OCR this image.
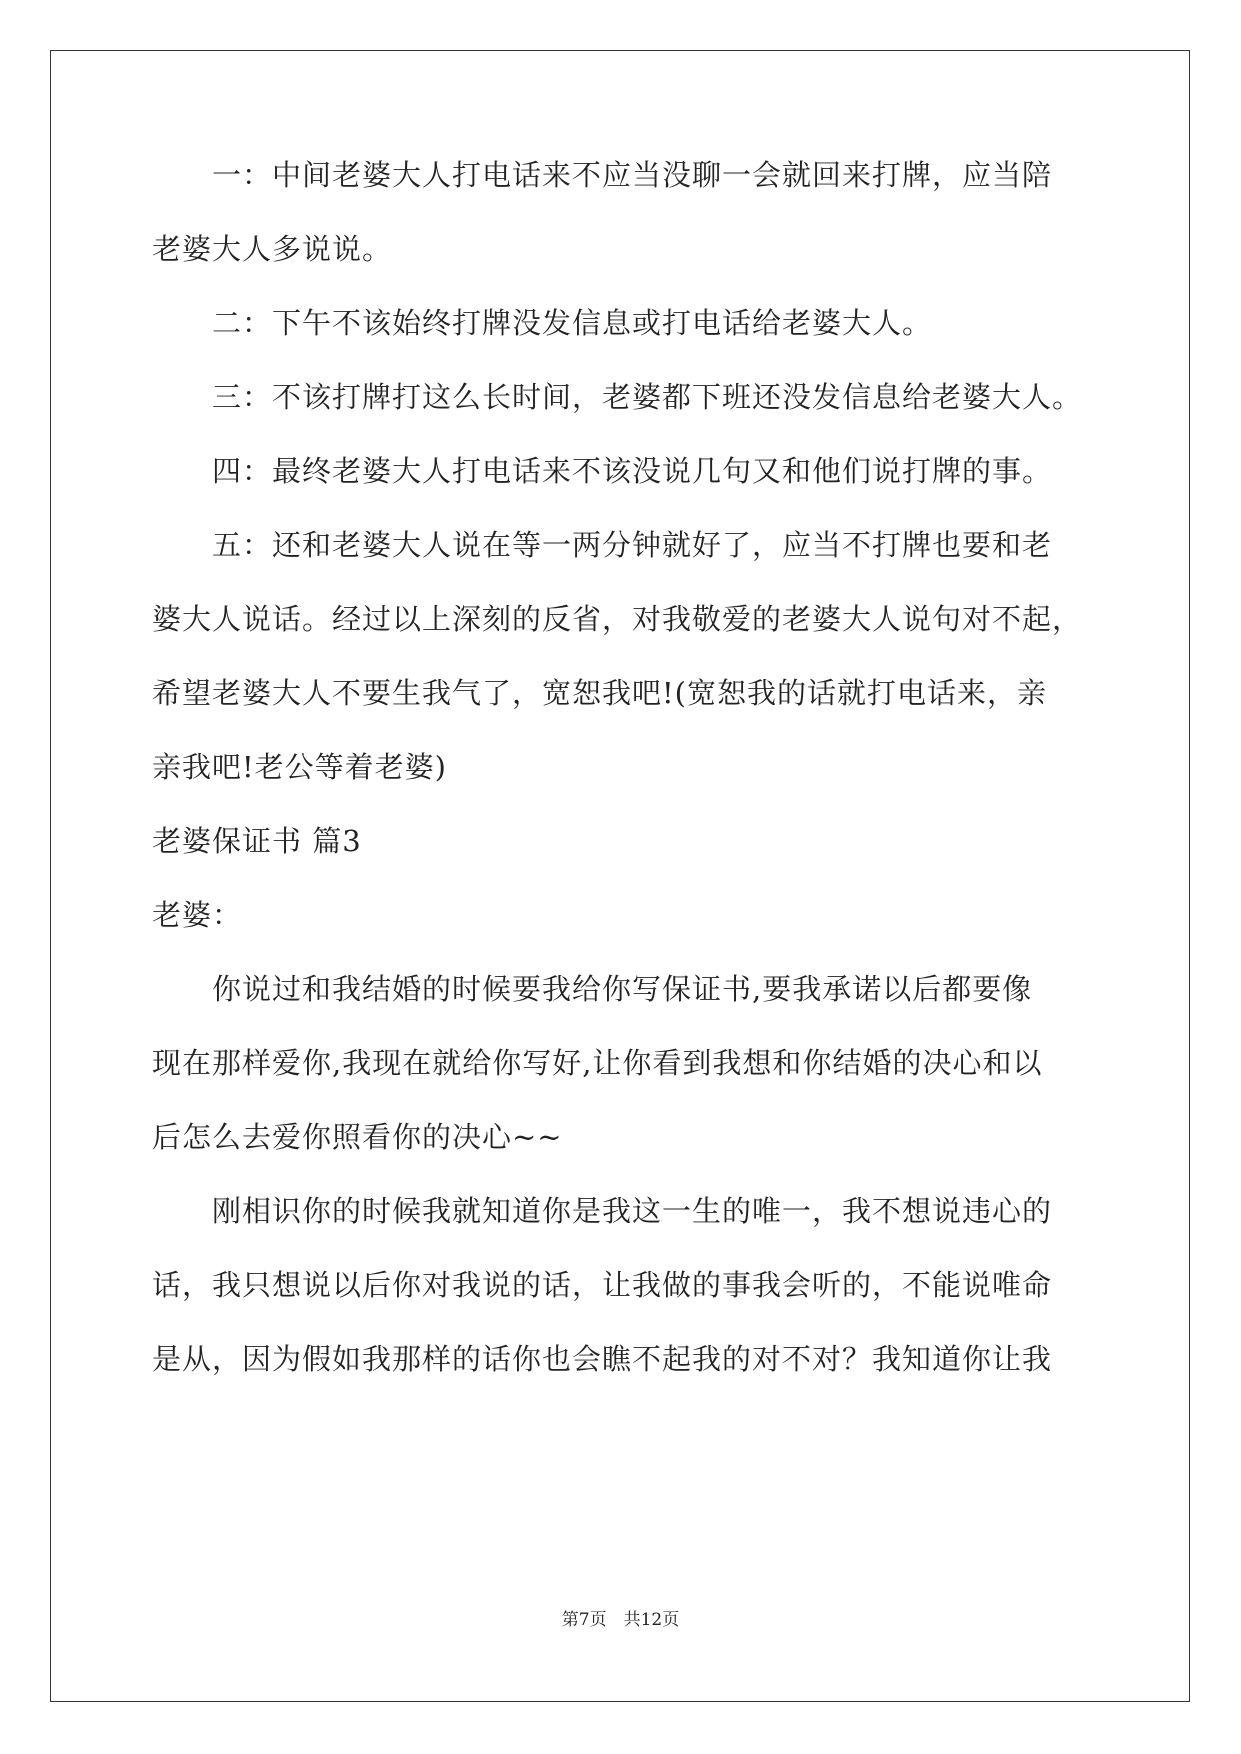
　　一：中间老婆大人打电话来不应当没聊一会就回来打牌，应当陪

老婆大人多说说。

　　二：下午不该始终打牌没发信息或打电话给老婆大人。

　　三：不该打牌打这么长时间，老婆都下班还没发信息给老婆大人。

　　四：最终老婆大人打电话来不该没说几句又和他们说打牌的事。

　　五：还和老婆大人说在等一两分钟就好了，应当不打牌也要和老

婆大人说话。经过以上深刻的反省，对我敬爱的老婆大人说句对不起，

希望老婆大人不要生我气了，宽恕我吧!(宽恕我的话就打电话来，亲

亲我吧!老公等着老婆)

老婆保证书 篇3

老婆：

　　你说过和我结婚的时候要我给你写保证书,要我承诺以后都要像

现在那样爱你,我现在就给你写好,让你看到我想和你结婚的决心和以

后怎么去爱你照看你的决心~~

　　刚相识你的时候我就知道你是我这一生的唯一，我不想说违心的

话，我只想说以后你对我说的话，让我做的事我会听的，不能说唯命

是从，因为假如我那样的话你也会瞧不起我的对不对？我知道你让我

第7页　共12页
